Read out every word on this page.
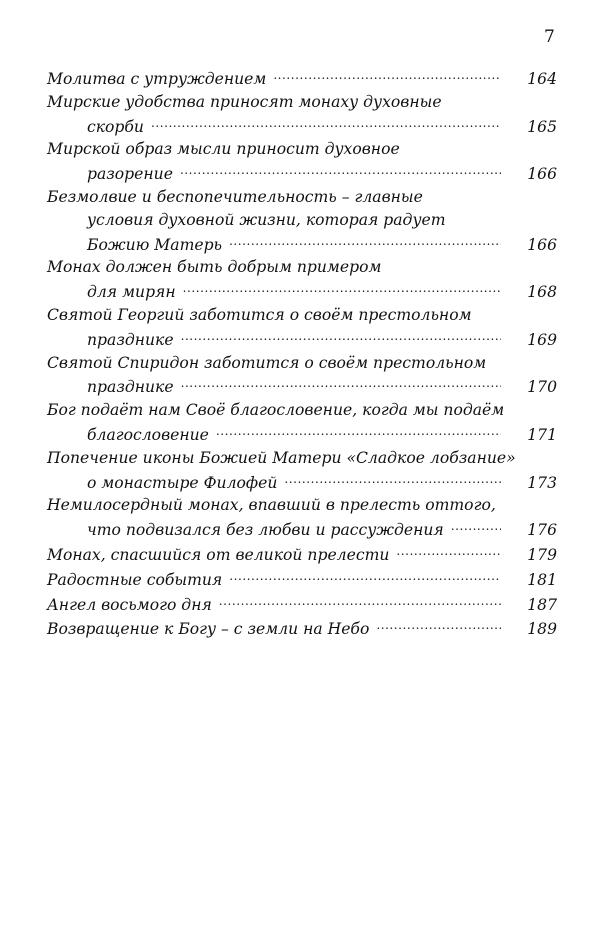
7
Молитва с утруждением .....	164
Мирские удобства приносят монаху духовные
скорби .....	165
Мирской образ мысли приносит духовное
разорение .....	166
Безмолвие и беспопечительность – главные
условия духовной жизни, которая радует
Божию Матерь .....	166
Монах должен быть добрым примером
для мирян .....	168
Святой Георгий заботится о своём престольном
празднике .....	169
Святой Спиридон заботится о своём престольном
празднике .....	170
Бог подаёт нам Своё благословение, когда мы подаём
благословение .....	171
Попечение иконы Божией Матери «Сладкое лобзание»
о монастыре Филофей .....	173
Немилосердный монах, впавший в прелесть оттого,
что подвизался без любви и рассуждения .....	176
Монах, спасшийся от великой прелести .....	179
Радостные события .....	181
Ангел восьмого дня .....	187
Возвращение к Богу – с земли на Небо .....	189
